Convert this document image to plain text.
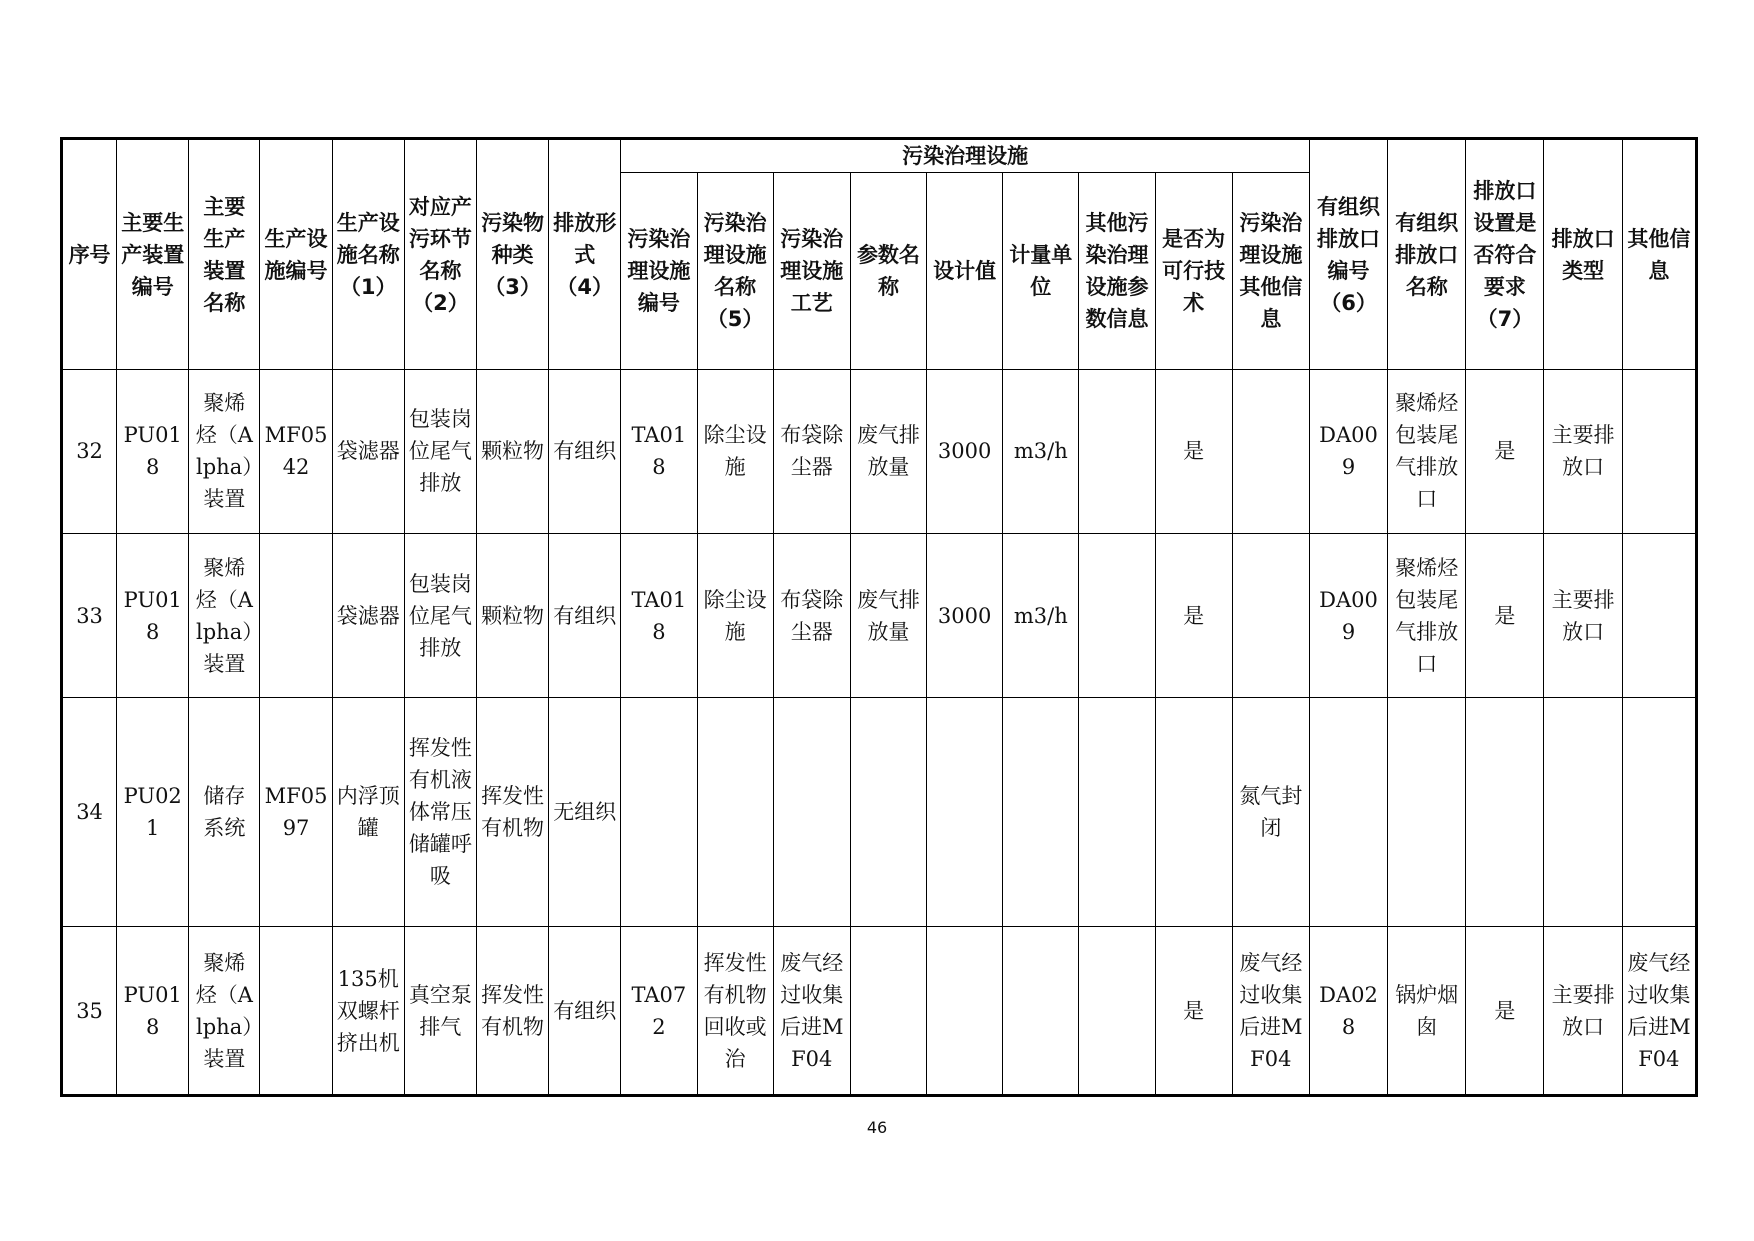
序号	主要生产装置编号	主要生产装置名称	生产设施编号	生产设施名称（1）	对应产污环节名称（2）	污染物种类（3）	排放形式（4）	污染治理设施									有组织排放口编号（6）	有组织排放口名称	排放口设置是否符合要求（7）	排放口类型	其他信息
								污染治理设施编号	污染治理设施名称（5）	污染治理设施工艺	参数名称	设计值	计量单位	其他污染治理设施参数信息	是否为可行技术	污染治理设施其他信息					
32	PU018	聚烯烃（Alpha）装置	MF0542	袋滤器	包装岗位尾气排放	颗粒物	有组织	TA018	除尘设施	布袋除尘器	废气排放量	3000	m3/h		是		DA009	聚烯烃包装尾气排放口	是	主要排放口	
33	PU018	聚烯烃（Alpha）装置		袋滤器	包装岗位尾气排放	颗粒物	有组织	TA018	除尘设施	布袋除尘器	废气排放量	3000	m3/h		是		DA009	聚烯烃包装尾气排放口	是	主要排放口	
34	PU021	储存系统	MF0597	内浮顶罐	挥发性有机液体常压储罐呼吸	挥发性有机物	无组织									氮气封闭					
35	PU018	聚烯烃（Alpha）装置		135机双螺杆挤出机	真空泵排气	挥发性有机物	有组织	TA072	挥发性有机物回收或治	废气经过收集后进MF04					是	废气经过收集后进MF04	DA028	锅炉烟囱	是	主要排放口	废气经过收集后进MF04
46
